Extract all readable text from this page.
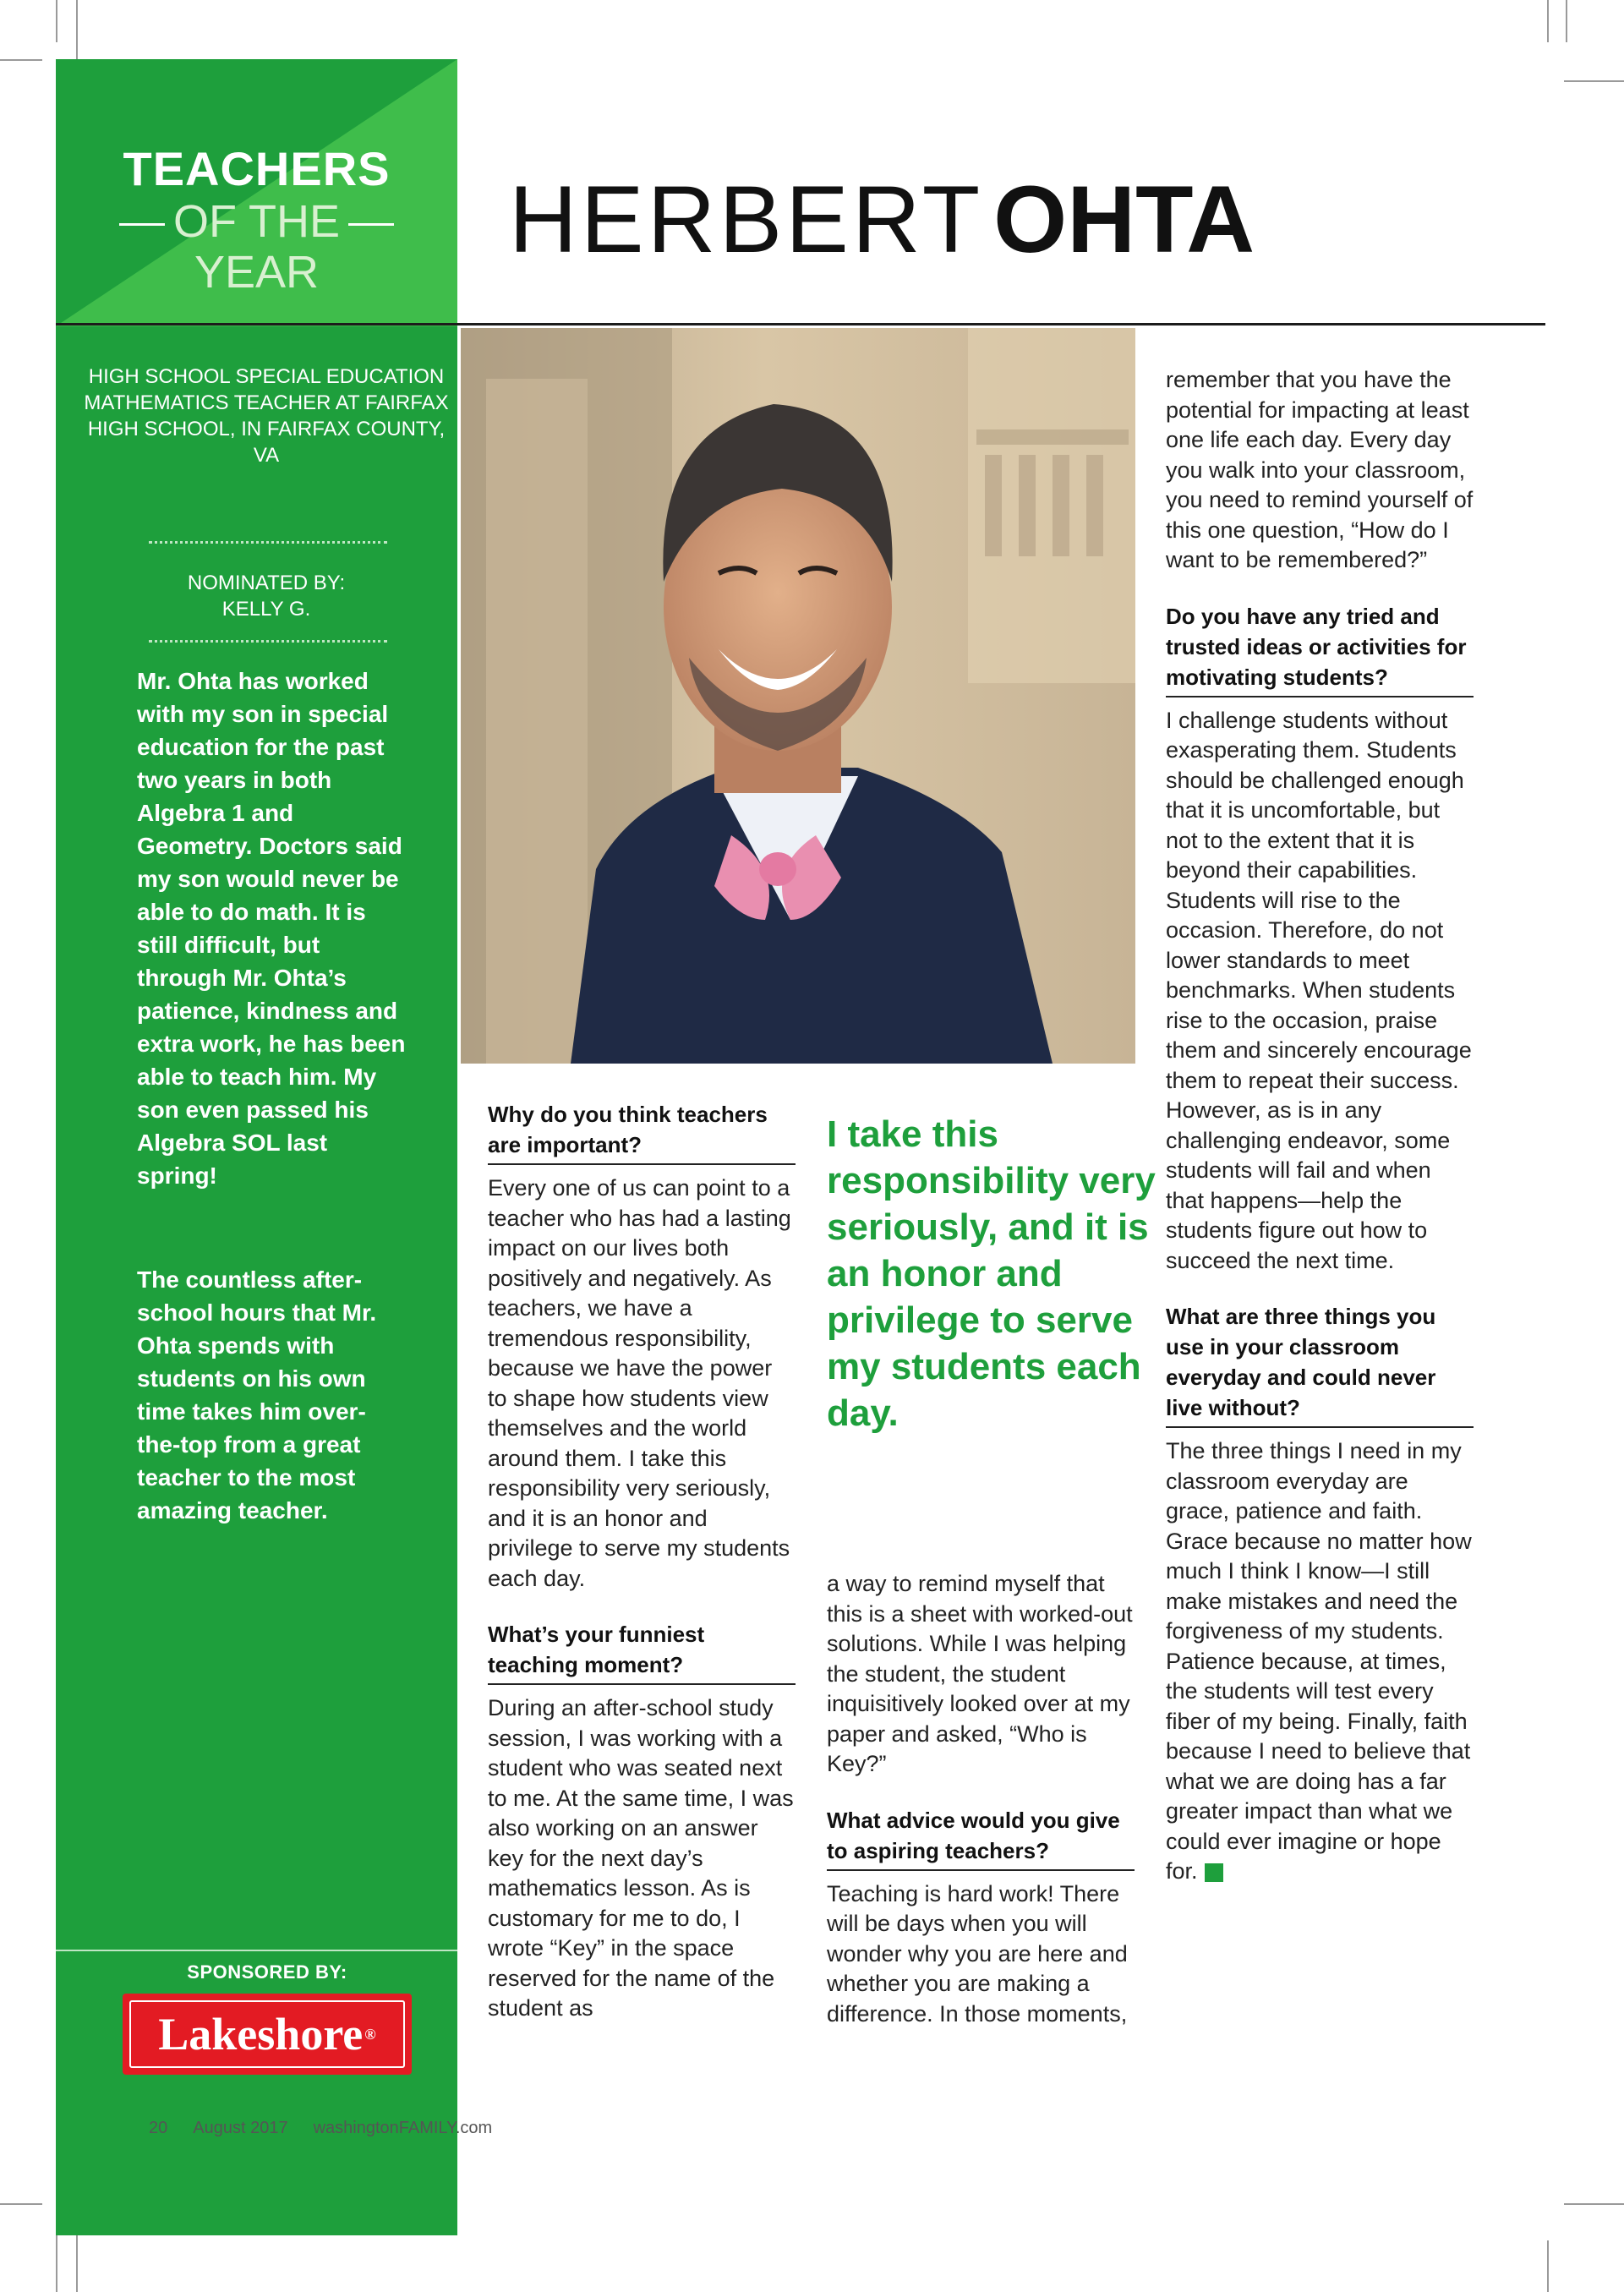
TEACHERS
OF THE
YEAR
HIGH SCHOOL SPECIAL EDUCATION MATHEMATICS TEACHER AT FAIRFAX HIGH SCHOOL, IN FAIRFAX COUNTY, VA
NOMINATED BY:
KELLY G.

Mr. Ohta has worked with my son in special education for the past two years in both Algebra 1 and Geometry. Doctors said my son would never be able to do math. It is still difficult, but through Mr. Ohta’s patience, kindness and extra work, he has been able to teach him. My son even passed his Algebra SOL last spring!

The countless after-school hours that Mr. Ohta spends with students on his own time takes him over-the-top from a great teacher to the most amazing teacher.

SPONSORED BY:
Lakeshore ®
20 August 2017 washingtonFAMILY.com
HERBERT OHTA
Why do you think teachers are important?

Every one of us can point to a teacher who has had a lasting impact on our lives both positively and negatively. As teachers, we have a tremendous responsibility, because we have the power to shape how students view themselves and the world around them. I take this responsibility very seriously, and it is an honor and privilege to serve my students each day.

What’s your funniest teaching moment?

During an after-school study session, I was working with a student who was seated next to me. At the same time, I was also working on an answer key for the next day’s mathematics lesson. As is customary for me to do, I wrote “Key” in the space reserved for the name of the student as

I take this responsibility very seriously, and it is an honor and privilege to serve my students each day.

a way to remind myself that this is a sheet with worked-out solutions. While I was helping the student, the student inquisitively looked over at my paper and asked, “Who is Key?”

What advice would you give to aspiring teachers?

Teaching is hard work! There will be days when you will wonder why you are here and whether you are making a difference. In those moments,

remember that you have the potential for impacting at least one life each day. Every day you walk into your classroom, you need to remind yourself of this one question, “How do I want to be remembered?”

Do you have any tried and trusted ideas or activities for motivating students?

I challenge students without exasperating them. Students should be challenged enough that it is uncomfortable, but not to the extent that it is beyond their capabilities. Students will rise to the occasion. Therefore, do not lower standards to meet benchmarks. When students rise to the occasion, praise them and sincerely encourage them to repeat their success. However, as is in any challenging endeavor, some students will fail and when that happens—help the students figure out how to succeed the next time.

What are three things you use in your classroom everyday and could never live without?

The three things I need in my classroom everyday are grace, patience and faith. Grace because no matter how much I think I know—I still make mistakes and need the forgiveness of my students. Patience because, at times, the students will test every fiber of my being. Finally, faith because I need to believe that what we are doing has a far greater impact than what we could ever imagine or hope for.
